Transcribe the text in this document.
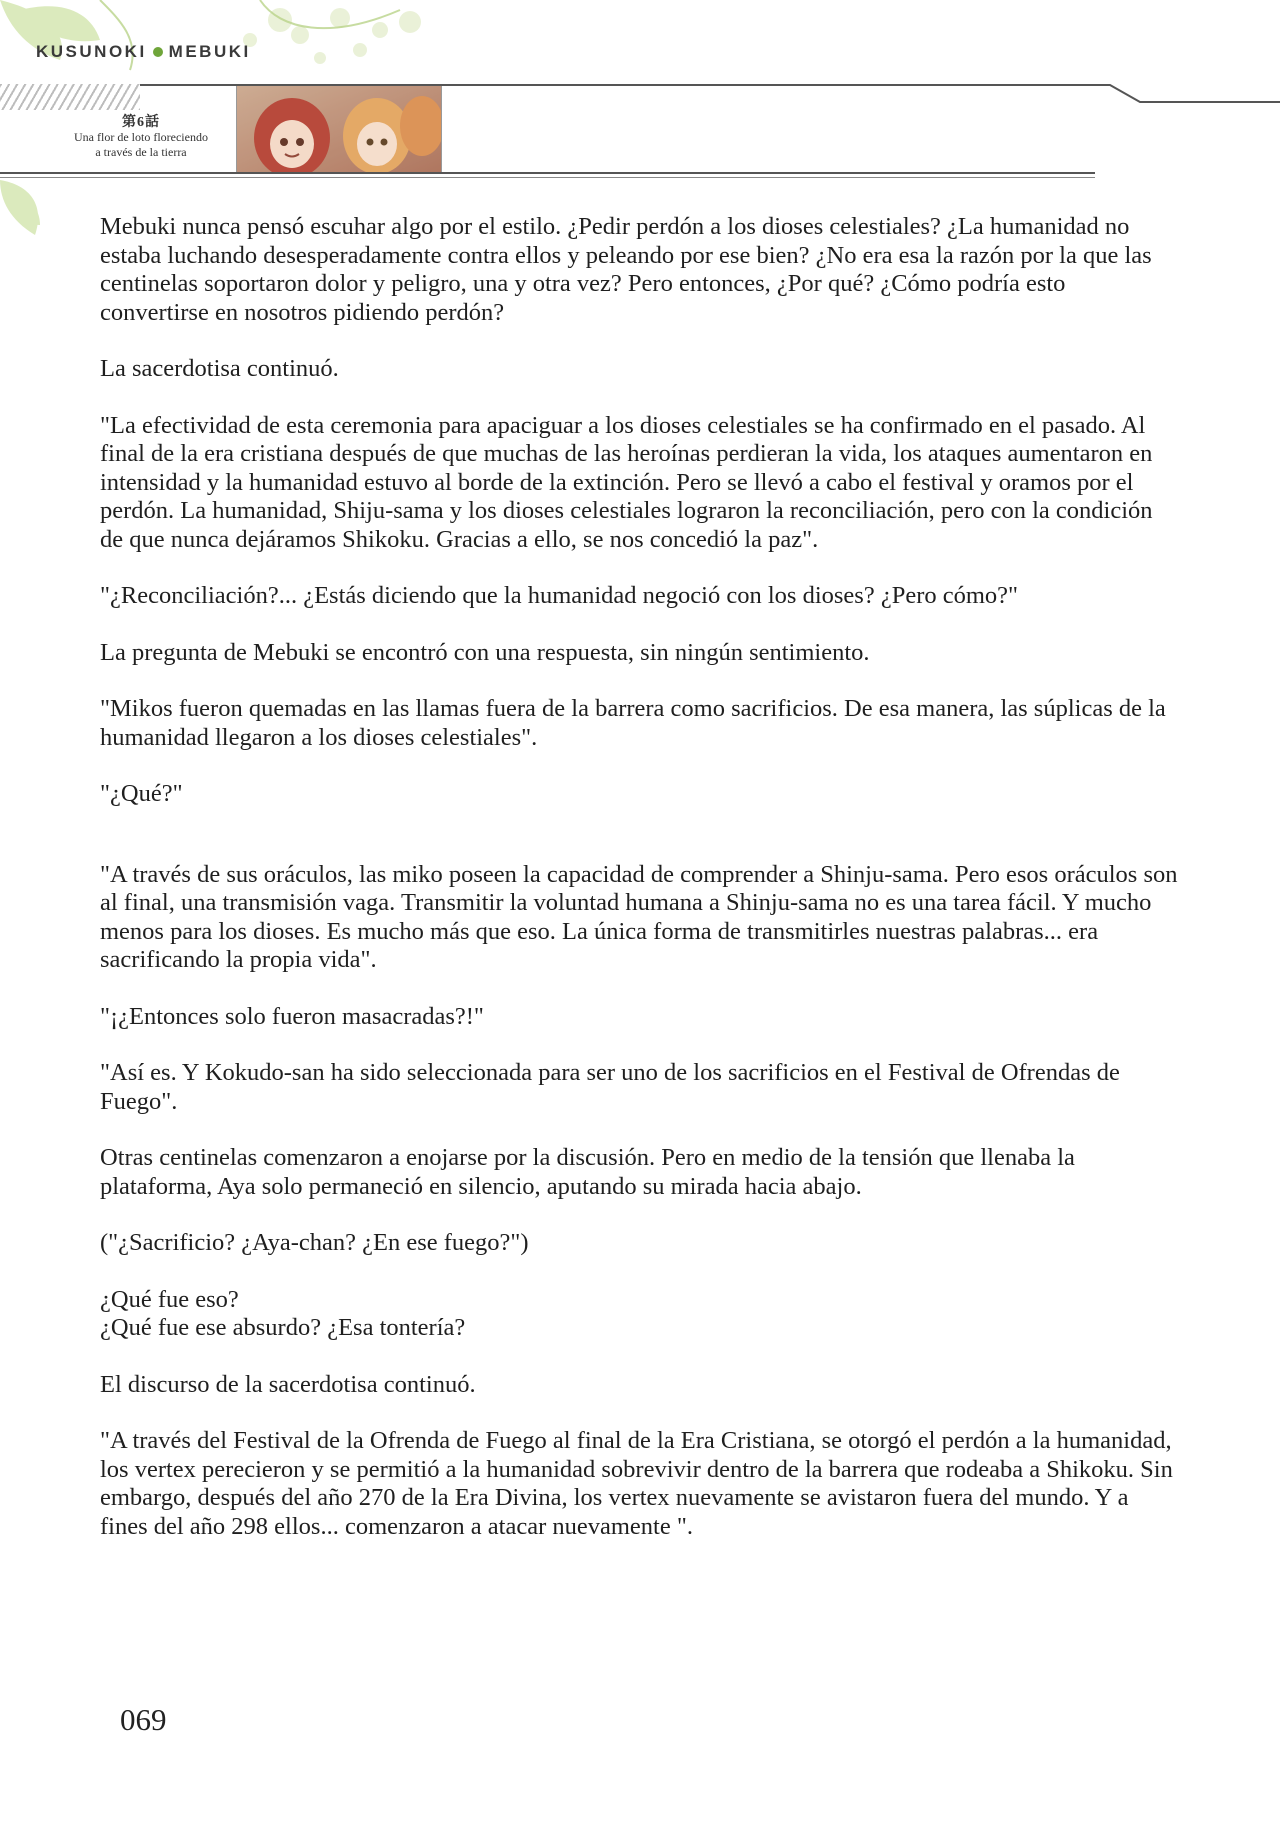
KUSUNOKI MEBUKI
第6話
Una flor de loto floreciendo
a través de la tierra

Mebuki nunca pensó escuhar algo por el estilo. ¿Pedir perdón a los dioses celestiales? ¿La humanidad no estaba luchando desesperadamente contra ellos y peleando por ese bien? ¿No era esa la razón por la que las centinelas soportaron dolor y peligro, una y otra vez? Pero entonces, ¿Por qué? ¿Cómo podría esto convertirse en nosotros pidiendo perdón?

La sacerdotisa continuó.

"La efectividad de esta ceremonia para apaciguar a los dioses celestiales se ha confirmado en el pasado. Al final de la era cristiana después de que muchas de las heroínas perdieran la vida, los ataques aumentaron en intensidad y la humanidad estuvo al borde de la extinción. Pero se llevó a cabo el festival y oramos por el perdón. La humanidad, Shiju-sama y los dioses celestiales lograron la reconciliación, pero con la condición de que nunca dejáramos Shikoku. Gracias a ello, se nos concedió la paz".

"¿Reconciliación?... ¿Estás diciendo que la humanidad negoció con los dioses? ¿Pero cómo?"

La pregunta de Mebuki se encontró con una respuesta, sin ningún sentimiento.

"Mikos fueron quemadas en las llamas fuera de la barrera como sacrificios. De esa manera, las súplicas de la humanidad llegaron a los dioses celestiales".

"¿Qué?"

"A través de sus oráculos, las miko poseen la capacidad de comprender a Shinju-sama. Pero esos oráculos son al final, una transmisión vaga. Transmitir la voluntad humana a Shinju-sama no es una tarea fácil. Y mucho menos para los dioses. Es mucho más que eso. La única forma de transmitirles nuestras palabras... era sacrificando la propia vida".

"¡¿Entonces solo fueron masacradas?!"

"Así es. Y Kokudo-san ha sido seleccionada para ser uno de los sacrificios en el Festival de Ofrendas de Fuego".

Otras centinelas comenzaron a enojarse por la discusión. Pero en medio de la tensión que llenaba la plataforma, Aya solo permaneció en silencio, aputando su mirada hacia abajo.

("¿Sacrificio? ¿Aya-chan? ¿En ese fuego?")

¿Qué fue eso?
¿Qué fue ese absurdo? ¿Esa tontería?

El discurso de la sacerdotisa continuó.

"A través del Festival de la Ofrenda de Fuego al final de la Era Cristiana, se otorgó el perdón a la humanidad, los vertex perecieron y se permitió a la humanidad sobrevivir dentro de la barrera que rodeaba a Shikoku. Sin embargo, después del año 270 de la Era Divina, los vertex nuevamente se avistaron fuera del mundo. Y a fines del año 298 ellos... comenzaron a atacar nuevamente ".

069
